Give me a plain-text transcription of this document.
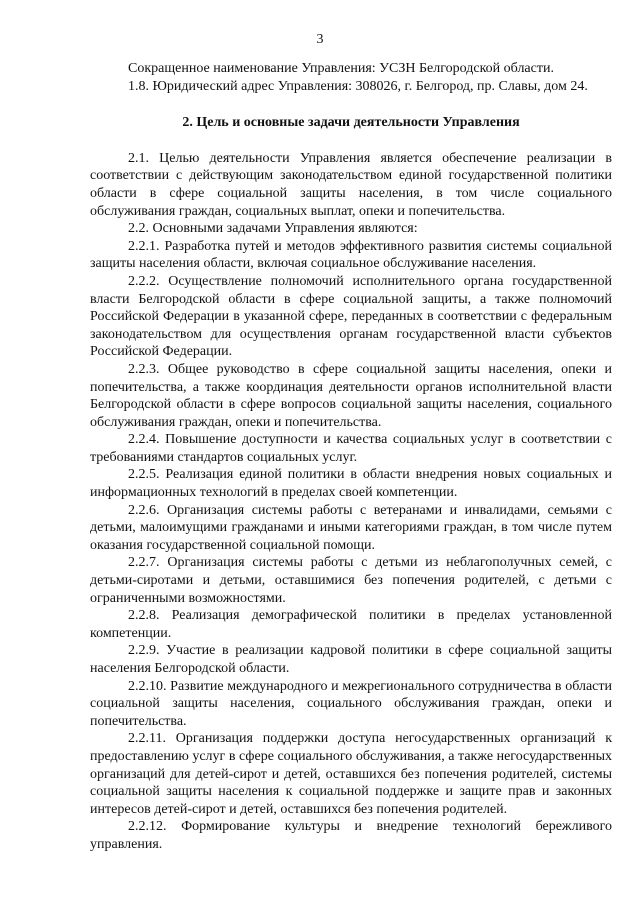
3

Сокращенное наименование Управления: УСЗН Белгородской области.

1.8. Юридический адрес Управления: 308026, г. Белгород, пр. Славы, дом 24.

2. Цель и основные задачи деятельности Управления

2.1. Целью деятельности Управления является обеспечение реализации в соответствии с действующим законодательством единой государственной политики области в сфере социальной защиты населения, в том числе социального обслуживания граждан, социальных выплат, опеки и попечительства.

2.2. Основными задачами Управления являются:

2.2.1. Разработка путей и методов эффективного развития системы социальной защиты населения области, включая социальное обслуживание населения.

2.2.2. Осуществление полномочий исполнительного органа государственной власти Белгородской области в сфере социальной защиты, а также полномочий Российской Федерации в указанной сфере, переданных в соответствии с федеральным законодательством для осуществления органам государственной власти субъектов Российской Федерации.

2.2.3. Общее руководство в сфере социальной защиты населения, опеки и попечительства, а также координация деятельности органов исполнительной власти Белгородской области в сфере вопросов социальной защиты населения, социального обслуживания граждан, опеки и попечительства.

2.2.4. Повышение доступности и качества социальных услуг в соответствии с требованиями стандартов социальных услуг.

2.2.5. Реализация единой политики в области внедрения новых социальных и информационных технологий в пределах своей компетенции.

2.2.6. Организация системы работы с ветеранами и инвалидами, семьями с детьми, малоимущими гражданами и иными категориями граждан, в том числе путем оказания государственной социальной помощи.

2.2.7. Организация системы работы с детьми из неблагополучных семей, с детьми-сиротами и детьми, оставшимися без попечения родителей, с детьми с ограниченными возможностями.

2.2.8. Реализация демографической политики в пределах установленной компетенции.

2.2.9. Участие в реализации кадровой политики в сфере социальной защиты населения Белгородской области.

2.2.10. Развитие международного и межрегионального сотрудничества в области социальной защиты населения, социального обслуживания граждан, опеки и попечительства.

2.2.11. Организация поддержки доступа негосударственных организаций к предоставлению услуг в сфере социального обслуживания, а также негосударственных организаций для детей-сирот и детей, оставшихся без попечения родителей, системы социальной защиты населения к социальной поддержке и защите прав и законных интересов детей-сирот и детей, оставшихся без попечения родителей.

2.2.12. Формирование культуры и внедрение технологий бережливого управления.
